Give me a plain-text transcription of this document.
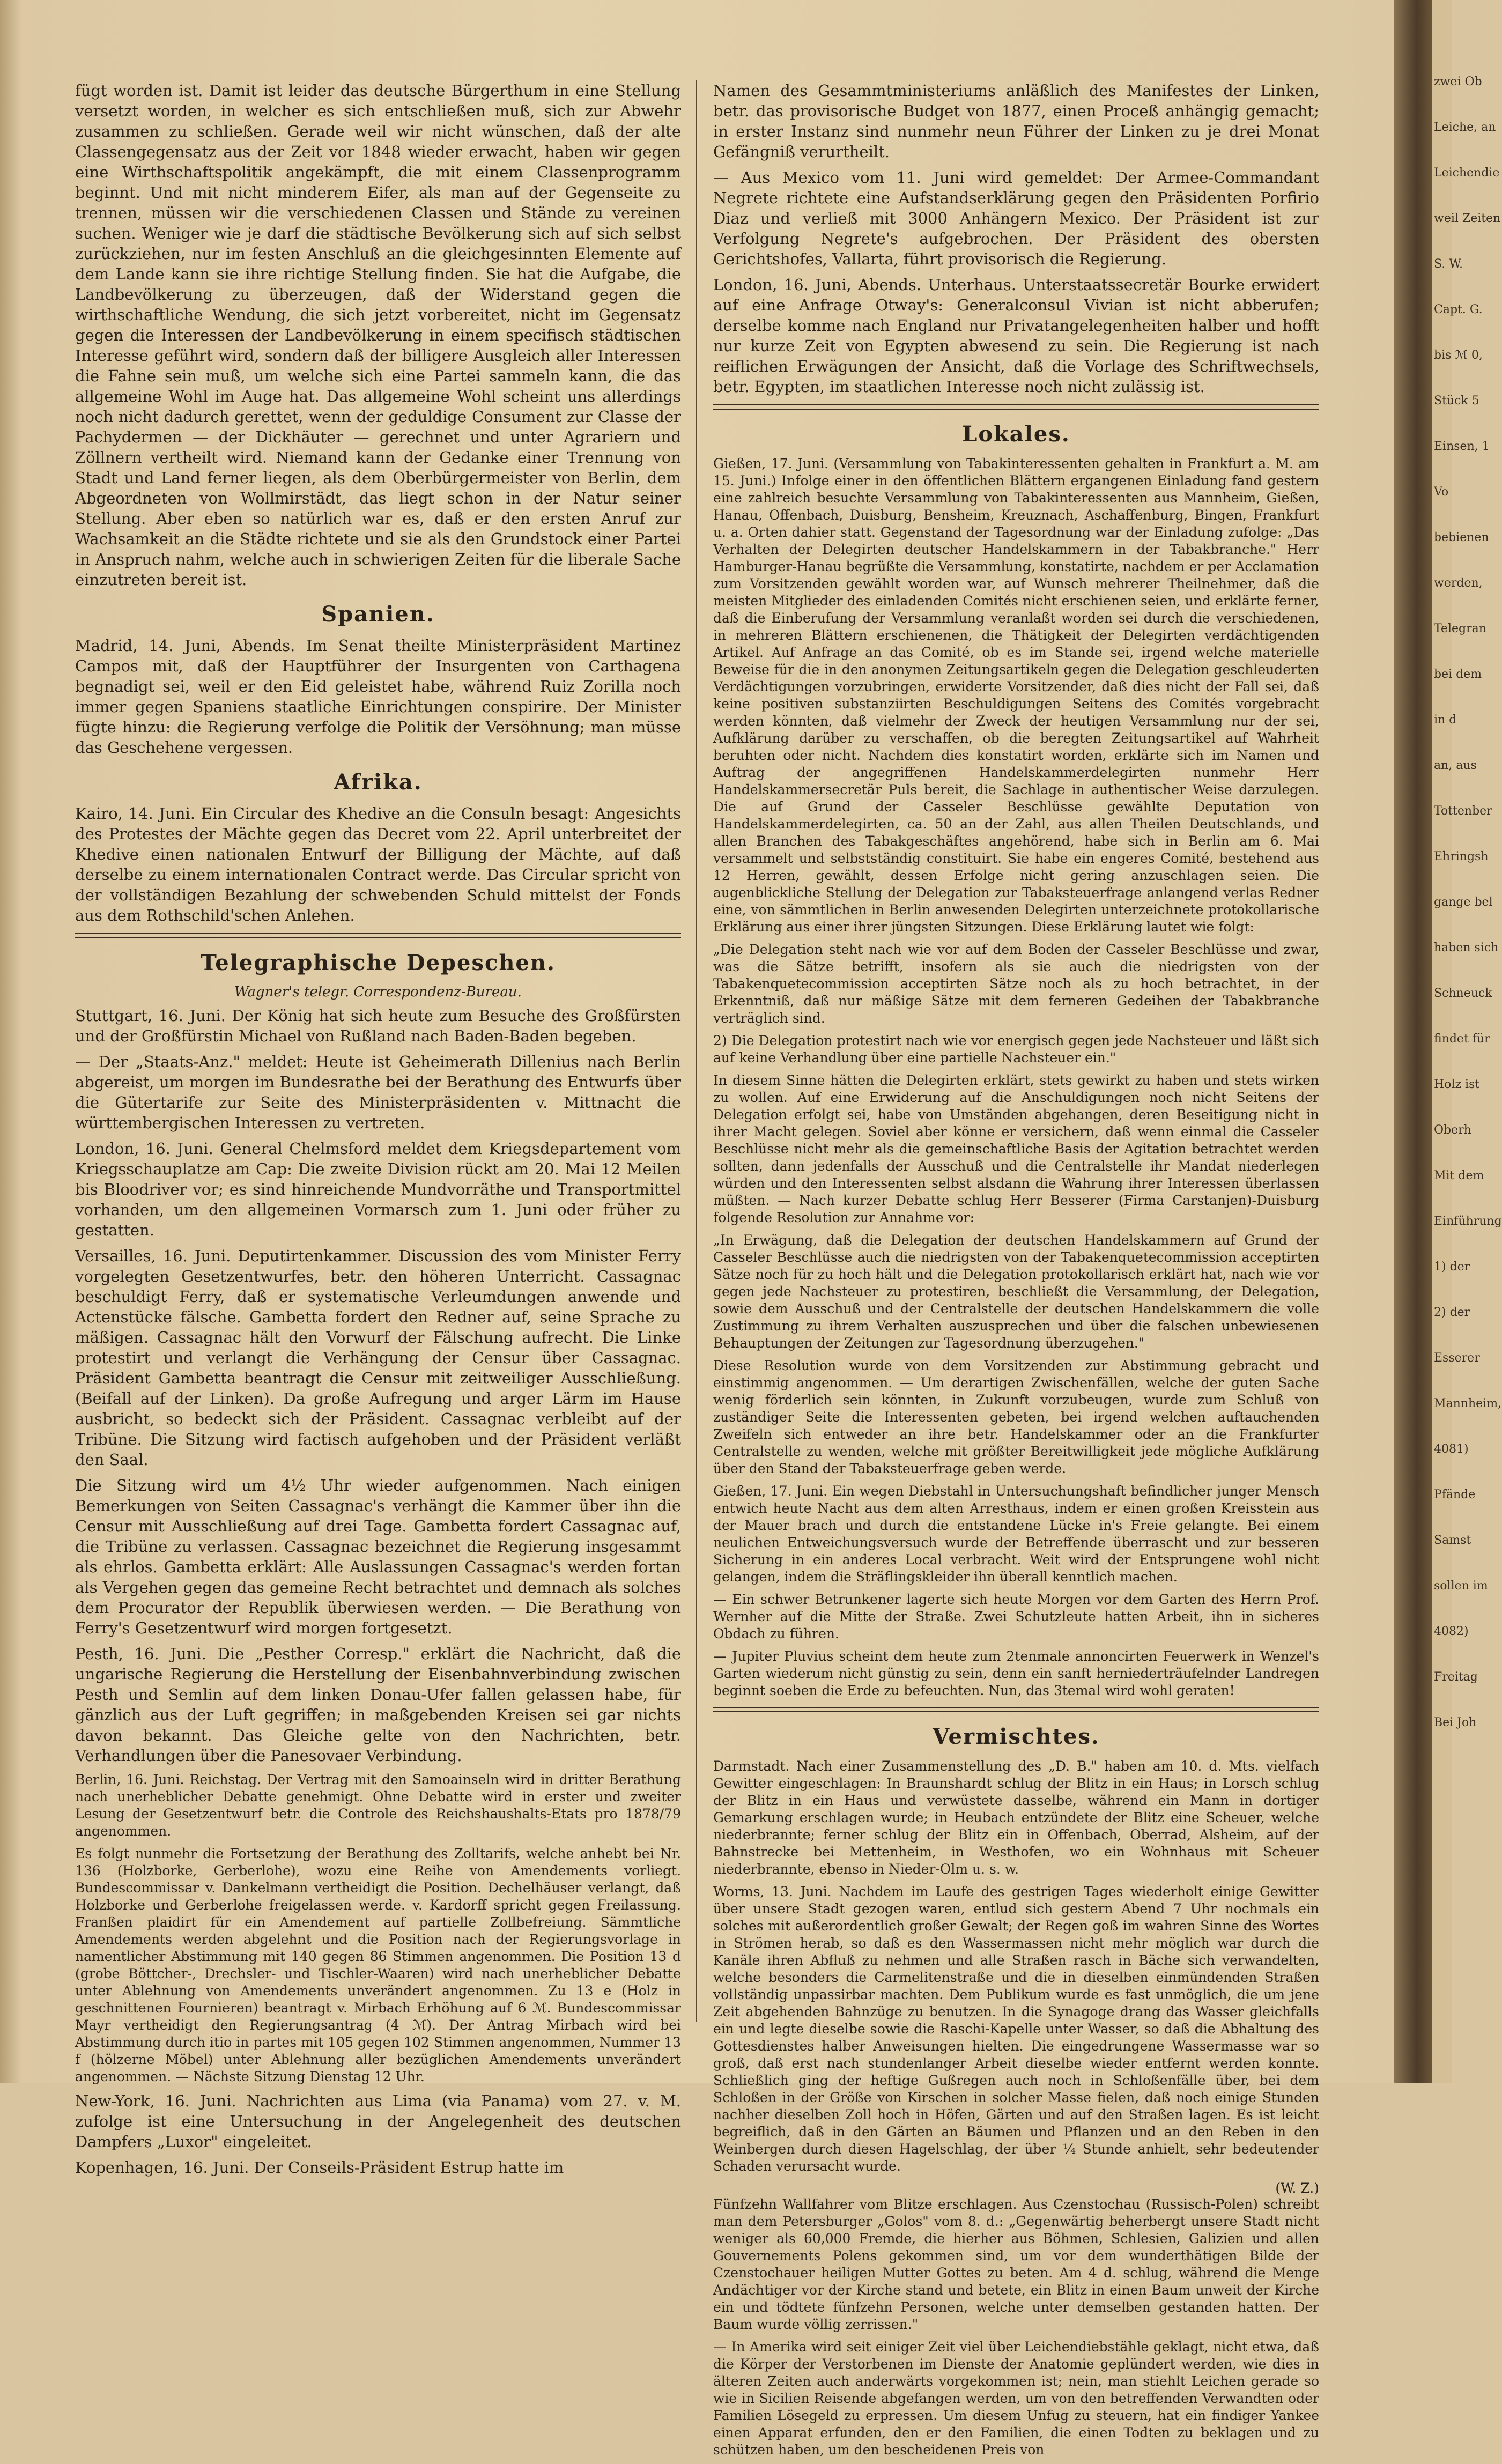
fügt worden ist. Damit ist leider das deutsche Bürgerthum in eine Stellung versetzt worden, in welcher es sich entschließen muß, sich zur Abwehr zusammen zu schließen. Gerade weil wir nicht wünschen, daß der alte Classengegensatz aus der Zeit vor 1848 wieder erwacht, haben wir gegen eine Wirthschaftspolitik angekämpft, die mit einem Classenprogramm beginnt. Und mit nicht minderem Eifer, als man auf der Gegenseite zu trennen, müssen wir die verschiedenen Classen und Stände zu vereinen suchen. Weniger wie je darf die städtische Bevölkerung sich auf sich selbst zurückziehen, nur im festen Anschluß an die gleichgesinnten Elemente auf dem Lande kann sie ihre richtige Stellung finden. Sie hat die Aufgabe, die Landbevölkerung zu überzeugen, daß der Widerstand gegen die wirthschaftliche Wendung, die sich jetzt vorbereitet, nicht im Gegensatz gegen die Interessen der Landbevölkerung in einem specifisch städtischen Interesse geführt wird, sondern daß der billigere Ausgleich aller Interessen die Fahne sein muß, um welche sich eine Partei sammeln kann, die das allgemeine Wohl im Auge hat. Das allgemeine Wohl scheint uns allerdings noch nicht dadurch gerettet, wenn der geduldige Consument zur Classe der Pachydermen — der Dickhäuter — gerechnet und unter Agrariern und Zöllnern vertheilt wird. Niemand kann der Gedanke einer Trennung von Stadt und Land ferner liegen, als dem Oberbürgermeister von Berlin, dem Abgeordneten von Wollmirstädt, das liegt schon in der Natur seiner Stellung. Aber eben so natürlich war es, daß er den ersten Anruf zur Wachsamkeit an die Städte richtete und sie als den Grundstock einer Partei in Anspruch nahm, welche auch in schwierigen Zeiten für die liberale Sache einzutreten bereit ist.

Spanien.

Madrid, 14. Juni, Abends. Im Senat theilte Ministerpräsident Martinez Campos mit, daß der Hauptführer der Insurgenten von Carthagena begnadigt sei, weil er den Eid geleistet habe, während Ruiz Zorilla noch immer gegen Spaniens staatliche Einrichtungen conspirire. Der Minister fügte hinzu: die Regierung verfolge die Politik der Versöhnung; man müsse das Geschehene vergessen.

Afrika.

Kairo, 14. Juni. Ein Circular des Khedive an die Consuln besagt: Angesichts des Protestes der Mächte gegen das Decret vom 22. April unterbreitet der Khedive einen nationalen Entwurf der Billigung der Mächte, auf daß derselbe zu einem internationalen Contract werde. Das Circular spricht von der vollständigen Bezahlung der schwebenden Schuld mittelst der Fonds aus dem Rothschild'schen Anlehen.

Telegraphische Depeschen.
Wagner's telegr. Correspondenz-Bureau.

Stuttgart, 16. Juni. Der König hat sich heute zum Besuche des Großfürsten und der Großfürstin Michael von Rußland nach Baden-Baden begeben.

— Der „Staats-Anz." meldet: Heute ist Geheimerath Dillenius nach Berlin abgereist, um morgen im Bundesrathe bei der Berathung des Entwurfs über die Gütertarife zur Seite des Ministerpräsidenten v. Mittnacht die württembergischen Interessen zu vertreten.

London, 16. Juni. General Chelmsford meldet dem Kriegsdepartement vom Kriegsschauplatze am Cap: Die zweite Division rückt am 20. Mai 12 Meilen bis Bloodriver vor; es sind hinreichende Mundvorräthe und Transportmittel vorhanden, um den allgemeinen Vormarsch zum 1. Juni oder früher zu gestatten.

Versailles, 16. Juni. Deputirtenkammer. Discussion des vom Minister Ferry vorgelegten Gesetzentwurfes, betr. den höheren Unterricht. Cassagnac beschuldigt Ferry, daß er systematische Verleumdungen anwende und Actenstücke fälsche. Gambetta fordert den Redner auf, seine Sprache zu mäßigen. Cassagnac hält den Vorwurf der Fälschung aufrecht. Die Linke protestirt und verlangt die Verhängung der Censur über Cassagnac. Präsident Gambetta beantragt die Censur mit zeitweiliger Ausschließung. (Beifall auf der Linken). Da große Aufregung und arger Lärm im Hause ausbricht, so bedeckt sich der Präsident. Cassagnac verbleibt auf der Tribüne. Die Sitzung wird factisch aufgehoben und der Präsident verläßt den Saal.

Die Sitzung wird um 4½ Uhr wieder aufgenommen. Nach einigen Bemerkungen von Seiten Cassagnac's verhängt die Kammer über ihn die Censur mit Ausschließung auf drei Tage. Gambetta fordert Cassagnac auf, die Tribüne zu verlassen. Cassagnac bezeichnet die Regierung insgesammt als ehrlos. Gambetta erklärt: Alle Auslassungen Cassagnac's werden fortan als Vergehen gegen das gemeine Recht betrachtet und demnach als solches dem Procurator der Republik überwiesen werden. — Die Berathung von Ferry's Gesetzentwurf wird morgen fortgesetzt.

Pesth, 16. Juni. Die „Pesther Corresp." erklärt die Nachricht, daß die ungarische Regierung die Herstellung der Eisenbahnverbindung zwischen Pesth und Semlin auf dem linken Donau-Ufer fallen gelassen habe, für gänzlich aus der Luft gegriffen; in maßgebenden Kreisen sei gar nichts davon bekannt. Das Gleiche gelte von den Nachrichten, betr. Verhandlungen über die Panesovaer Verbindung.

Berlin, 16. Juni. Reichstag. Der Vertrag mit den Samoainseln wird in dritter Berathung nach unerheblicher Debatte genehmigt. Ohne Debatte wird in erster und zweiter Lesung der Gesetzentwurf betr. die Controle des Reichshaushalts-Etats pro 1878/79 angenommen.

Es folgt nunmehr die Fortsetzung der Berathung des Zolltarifs, welche anhebt bei Nr. 136 (Holzborke, Gerberlohe), wozu eine Reihe von Amendements vorliegt. Bundescommissar v. Dankelmann vertheidigt die Position. Dechelhäuser verlangt, daß Holzborke und Gerberlohe freigelassen werde. v. Kardorff spricht gegen Freilassung. Franßen plaidirt für ein Amendement auf partielle Zollbefreiung. Sämmtliche Amendements werden abgelehnt und die Position nach der Regierungsvorlage in namentlicher Abstimmung mit 140 gegen 86 Stimmen angenommen. Die Position 13 d (grobe Böttcher-, Drechsler- und Tischler-Waaren) wird nach unerheblicher Debatte unter Ablehnung von Amendements unverändert angenommen. Zu 13 e (Holz in geschnittenen Fournieren) beantragt v. Mirbach Erhöhung auf 6 ℳ. Bundescommissar Mayr vertheidigt den Regierungsantrag (4 ℳ). Der Antrag Mirbach wird bei Abstimmung durch itio in partes mit 105 gegen 102 Stimmen angenommen, Nummer 13 f (hölzerne Möbel) unter Ablehnung aller bezüglichen Amendements unverändert angenommen. — Nächste Sitzung Dienstag 12 Uhr.

New-York, 16. Juni. Nachrichten aus Lima (via Panama) vom 27. v. M. zufolge ist eine Untersuchung in der Angelegenheit des deutschen Dampfers „Luxor" eingeleitet.

Kopenhagen, 16. Juni. Der Conseils-Präsident Estrup hatte im

Namen des Gesammtministeriums anläßlich des Manifestes der Linken, betr. das provisorische Budget von 1877, einen Proceß anhängig gemacht; in erster Instanz sind nunmehr neun Führer der Linken zu je drei Monat Gefängniß verurtheilt.

— Aus Mexico vom 11. Juni wird gemeldet: Der Armee-Commandant Negrete richtete eine Aufstandserklärung gegen den Präsidenten Porfirio Diaz und verließ mit 3000 Anhängern Mexico. Der Präsident ist zur Verfolgung Negrete's aufgebrochen. Der Präsident des obersten Gerichtshofes, Vallarta, führt provisorisch die Regierung.

London, 16. Juni, Abends. Unterhaus. Unterstaatssecretär Bourke erwidert auf eine Anfrage Otway's: Generalconsul Vivian ist nicht abberufen; derselbe komme nach England nur Privatangelegenheiten halber und hofft nur kurze Zeit von Egypten abwesend zu sein. Die Regierung ist nach reiflichen Erwägungen der Ansicht, daß die Vorlage des Schriftwechsels, betr. Egypten, im staatlichen Interesse noch nicht zulässig ist.

Lokales.

Gießen, 17. Juni. (Versammlung von Tabakinteressenten gehalten in Frankfurt a. M. am 15. Juni.) Infolge einer in den öffentlichen Blättern ergangenen Einladung fand gestern eine zahlreich besuchte Versammlung von Tabakinteressenten aus Mannheim, Gießen, Hanau, Offenbach, Duisburg, Bensheim, Kreuznach, Aschaffenburg, Bingen, Frankfurt u. a. Orten dahier statt. Gegenstand der Tagesordnung war der Einladung zufolge: „Das Verhalten der Delegirten deutscher Handelskammern in der Tabakbranche." Herr Hamburger-Hanau begrüßte die Versammlung, konstatirte, nachdem er per Acclamation zum Vorsitzenden gewählt worden war, auf Wunsch mehrerer Theilnehmer, daß die meisten Mitglieder des einladenden Comités nicht erschienen seien, und erklärte ferner, daß die Einberufung der Versammlung veranlaßt worden sei durch die verschiedenen, in mehreren Blättern erschienenen, die Thätigkeit der Delegirten verdächtigenden Artikel. Auf Anfrage an das Comité, ob es im Stande sei, irgend welche materielle Beweise für die in den anonymen Zeitungsartikeln gegen die Delegation geschleuderten Verdächtigungen vorzubringen, erwiderte Vorsitzender, daß dies nicht der Fall sei, daß keine positiven substanziirten Beschuldigungen Seitens des Comités vorgebracht werden könnten, daß vielmehr der Zweck der heutigen Versammlung nur der sei, Aufklärung darüber zu verschaffen, ob die beregten Zeitungsartikel auf Wahrheit beruhten oder nicht. Nachdem dies konstatirt worden, erklärte sich im Namen und Auftrag der angegriffenen Handelskammerdelegirten nunmehr Herr Handelskammersecretär Puls bereit, die Sachlage in authentischer Weise darzulegen. Die auf Grund der Casseler Beschlüsse gewählte Deputation von Handelskammerdelegirten, ca. 50 an der Zahl, aus allen Theilen Deutschlands, und allen Branchen des Tabakgeschäftes angehörend, habe sich in Berlin am 6. Mai versammelt und selbstständig constituirt. Sie habe ein engeres Comité, bestehend aus 12 Herren, gewählt, dessen Erfolge nicht gering anzuschlagen seien. Die augenblickliche Stellung der Delegation zur Tabaksteuerfrage anlangend verlas Redner eine, von sämmtlichen in Berlin anwesenden Delegirten unterzeichnete protokollarische Erklärung aus einer ihrer jüngsten Sitzungen. Diese Erklärung lautet wie folgt:

„Die Delegation steht nach wie vor auf dem Boden der Casseler Beschlüsse und zwar, was die Sätze betrifft, insofern als sie auch die niedrigsten von der Tabakenquetecommission acceptirten Sätze noch als zu hoch betrachtet, in der Erkenntniß, daß nur mäßige Sätze mit dem ferneren Gedeihen der Tabakbranche verträglich sind.

2) Die Delegation protestirt nach wie vor energisch gegen jede Nachsteuer und läßt sich auf keine Verhandlung über eine partielle Nachsteuer ein."

In diesem Sinne hätten die Delegirten erklärt, stets gewirkt zu haben und stets wirken zu wollen. Auf eine Erwiderung auf die Anschuldigungen noch nicht Seitens der Delegation erfolgt sei, habe von Umständen abgehangen, deren Beseitigung nicht in ihrer Macht gelegen. Soviel aber könne er versichern, daß wenn einmal die Casseler Beschlüsse nicht mehr als die gemeinschaftliche Basis der Agitation betrachtet werden sollten, dann jedenfalls der Ausschuß und die Centralstelle ihr Mandat niederlegen würden und den Interessenten selbst alsdann die Wahrung ihrer Interessen überlassen müßten. — Nach kurzer Debatte schlug Herr Besserer (Firma Carstanjen)-Duisburg folgende Resolution zur Annahme vor:

„In Erwägung, daß die Delegation der deutschen Handelskammern auf Grund der Casseler Beschlüsse auch die niedrigsten von der Tabakenquetecommission acceptirten Sätze noch für zu hoch hält und die Delegation protokollarisch erklärt hat, nach wie vor gegen jede Nachsteuer zu protestiren, beschließt die Versammlung, der Delegation, sowie dem Ausschuß und der Centralstelle der deutschen Handelskammern die volle Zustimmung zu ihrem Verhalten auszusprechen und über die falschen unbewiesenen Behauptungen der Zeitungen zur Tagesordnung überzugehen."

Diese Resolution wurde von dem Vorsitzenden zur Abstimmung gebracht und einstimmig angenommen. — Um derartigen Zwischenfällen, welche der guten Sache wenig förderlich sein könnten, in Zukunft vorzubeugen, wurde zum Schluß von zuständiger Seite die Interessenten gebeten, bei irgend welchen auftauchenden Zweifeln sich entweder an ihre betr. Handelskammer oder an die Frankfurter Centralstelle zu wenden, welche mit größter Bereitwilligkeit jede mögliche Aufklärung über den Stand der Tabaksteuerfrage geben werde.

Gießen, 17. Juni. Ein wegen Diebstahl in Untersuchungshaft befindlicher junger Mensch entwich heute Nacht aus dem alten Arresthaus, indem er einen großen Kreisstein aus der Mauer brach und durch die entstandene Lücke in's Freie gelangte. Bei einem neulichen Entweichungsversuch wurde der Betreffende überrascht und zur besseren Sicherung in ein anderes Local verbracht. Weit wird der Entsprungene wohl nicht gelangen, indem die Sträflingskleider ihn überall kenntlich machen.

— Ein schwer Betrunkener lagerte sich heute Morgen vor dem Garten des Herrn Prof. Wernher auf die Mitte der Straße. Zwei Schutzleute hatten Arbeit, ihn in sicheres Obdach zu führen.

— Jupiter Pluvius scheint dem heute zum 2tenmale annoncirten Feuerwerk in Wenzel's Garten wiederum nicht günstig zu sein, denn ein sanft herniederträufelnder Landregen beginnt soeben die Erde zu befeuchten. Nun, das 3temal wird wohl geraten!

Vermischtes.

Darmstadt. Nach einer Zusammenstellung des „D. B." haben am 10. d. Mts. vielfach Gewitter eingeschlagen: In Braunshardt schlug der Blitz in ein Haus; in Lorsch schlug der Blitz in ein Haus und verwüstete dasselbe, während ein Mann in dortiger Gemarkung erschlagen wurde; in Heubach entzündete der Blitz eine Scheuer, welche niederbrannte; ferner schlug der Blitz ein in Offenbach, Oberrad, Alsheim, auf der Bahnstrecke bei Mettenheim, in Westhofen, wo ein Wohnhaus mit Scheuer niederbrannte, ebenso in Nieder-Olm u. s. w.

Worms, 13. Juni. Nachdem im Laufe des gestrigen Tages wiederholt einige Gewitter über unsere Stadt gezogen waren, entlud sich gestern Abend 7 Uhr nochmals ein solches mit außerordentlich großer Gewalt; der Regen goß im wahren Sinne des Wortes in Strömen herab, so daß es den Wassermassen nicht mehr möglich war durch die Kanäle ihren Abfluß zu nehmen und alle Straßen rasch in Bäche sich verwandelten, welche besonders die Carmelitenstraße und die in dieselben einmündenden Straßen vollständig unpassirbar machten. Dem Publikum wurde es fast unmöglich, die um jene Zeit abgehenden Bahnzüge zu benutzen. In die Synagoge drang das Wasser gleichfalls ein und legte dieselbe sowie die Raschi-Kapelle unter Wasser, so daß die Abhaltung des Gottesdienstes halber Anweisungen hielten. Die eingedrungene Wassermasse war so groß, daß erst nach stundenlanger Arbeit dieselbe wieder entfernt werden konnte. Schließlich ging der heftige Gußregen auch noch in Schloßenfälle über, bei dem Schloßen in der Größe von Kirschen in solcher Masse fielen, daß noch einige Stunden nachher dieselben Zoll hoch in Höfen, Gärten und auf den Straßen lagen. Es ist leicht begreiflich, daß in den Gärten an Bäumen und Pflanzen und an den Reben in den Weinbergen durch diesen Hagelschlag, der über ¼ Stunde anhielt, sehr bedeutender Schaden verursacht wurde.

(W. Z.)

Fünfzehn Wallfahrer vom Blitze erschlagen. Aus Czenstochau (Russisch-Polen) schreibt man dem Petersburger „Golos" vom 8. d.: „Gegenwärtig beherbergt unsere Stadt nicht weniger als 60,000 Fremde, die hierher aus Böhmen, Schlesien, Galizien und allen Gouvernements Polens gekommen sind, um vor dem wunderthätigen Bilde der Czenstochauer heiligen Mutter Gottes zu beten. Am 4 d. schlug, während die Menge Andächtiger vor der Kirche stand und betete, ein Blitz in einen Baum unweit der Kirche ein und tödtete fünfzehn Personen, welche unter demselben gestanden hatten. Der Baum wurde völlig zerrissen."

— In Amerika wird seit einiger Zeit viel über Leichendiebstähle geklagt, nicht etwa, daß die Körper der Verstorbenen im Dienste der Anatomie geplündert werden, wie dies in älteren Zeiten auch anderwärts vorgekommen ist; nein, man stiehlt Leichen gerade so wie in Sicilien Reisende abgefangen werden, um von den betreffenden Verwandten oder Familien Lösegeld zu erpressen. Um diesem Unfug zu steuern, hat ein findiger Yankee einen Apparat erfunden, den er den Familien, die einen Todten zu beklagen und zu schützen haben, um den bescheidenen Preis von

zwei Ob
Leiche, an
Leichendie
weil Zeiten
S. W.
Capt. G.
bis ℳ 0,
Stück 5
Einsen, 1
Vo
bebienen
werden,
Telegran
bei dem
in d
an, aus
Tottenber
Ehringsh
gange bel
haben sich
Schneuck
findet für
Holz ist
Oberh
Mit dem
Einführung
1) der
2) der
Esserer
Mannheim,
4081)
Pfände
Samst
sollen im
4082)
Freitag
Bei Joh
